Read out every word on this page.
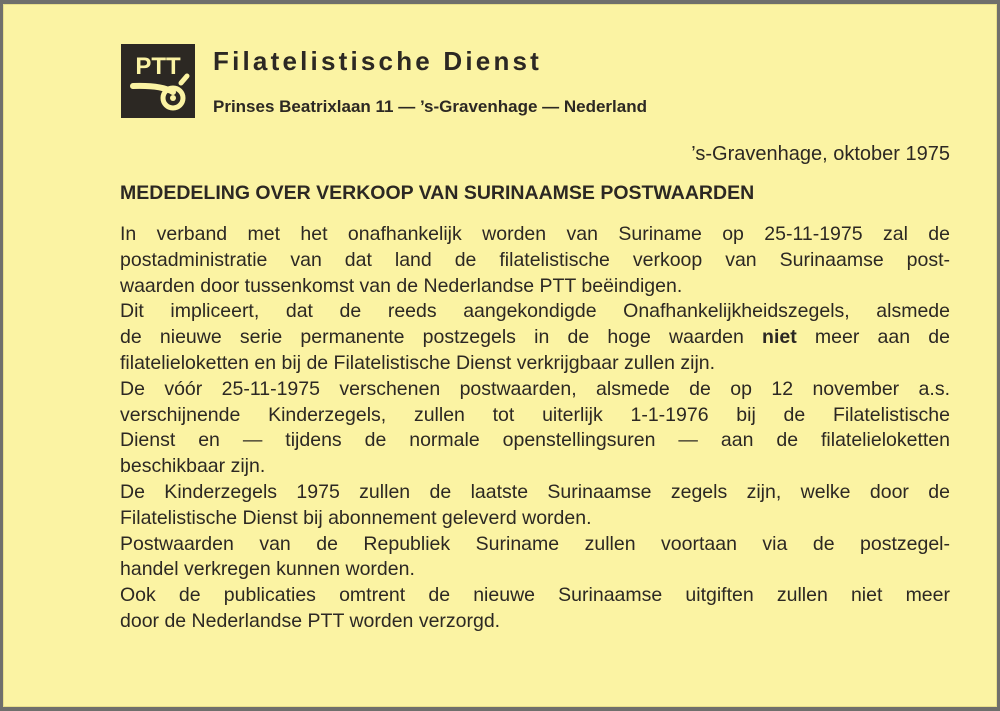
PTT Filatelistische Dienst
Prinses Beatrixlaan 11 — ’s-Gravenhage — Nederland
’s-Gravenhage, oktober 1975
MEDEDELING OVER VERKOOP VAN SURINAAMSE POSTWAARDEN

In verband met het onafhankelijk worden van Suriname op 25-11-1975 zal de
postadministratie van dat land de filatelistische verkoop van Surinaamse post-
waarden door tussenkomst van de Nederlandse PTT beëindigen.

Dit impliceert, dat de reeds aangekondigde Onafhankelijkheidszegels, alsmede
de nieuwe serie permanente postzegels in de hoge waarden niet meer aan de
filatelieloketten en bij de Filatelistische Dienst verkrijgbaar zullen zijn.

De vóór 25-11-1975 verschenen postwaarden, alsmede de op 12 november a.s.
verschijnende Kinderzegels, zullen tot uiterlijk 1-1-1976 bij de Filatelistische
Dienst en — tijdens de normale openstellingsuren — aan de filatelieloketten
beschikbaar zijn.

De Kinderzegels 1975 zullen de laatste Surinaamse zegels zijn, welke door de
Filatelistische Dienst bij abonnement geleverd worden.

Postwaarden van de Republiek Suriname zullen voortaan via de postzegel-
handel verkregen kunnen worden.

Ook de publicaties omtrent de nieuwe Surinaamse uitgiften zullen niet meer
door de Nederlandse PTT worden verzorgd.
